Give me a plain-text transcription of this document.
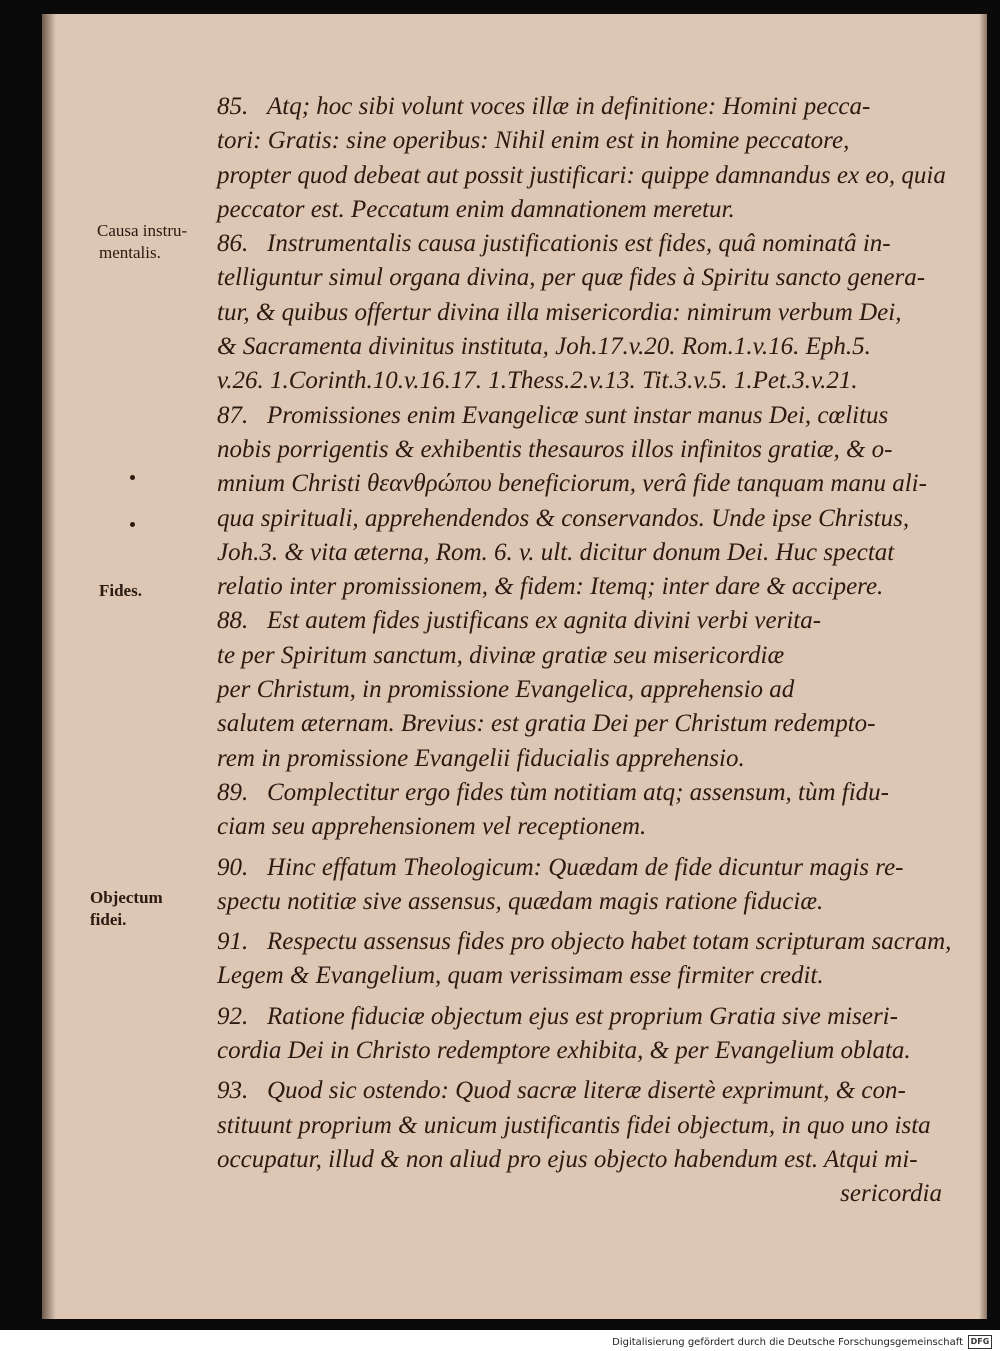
Causa instru-
mentalis.
Fides.
Objectum
fidei.
85. Atq; hoc sibi volunt voces illæ in definitione: Homini pecca-
tori: Gratis: sine operibus: Nihil enim est in homine peccatore,
propter quod debeat aut possit justificari: quippe damnandus ex eo, quia
peccator est. Peccatum enim damnationem meretur.
86. Instrumentalis causa justificationis est fides, quâ nominatâ in-
telliguntur simul organa divina, per quæ fides à Spiritu sancto genera-
tur, & quibus offertur divina illa misericordia: nimirum verbum Dei,
& Sacramenta divinitus instituta, Joh.17.v.20. Rom.1.v.16. Eph.5.
v.26. 1.Corinth.10.v.16.17. 1.Thess.2.v.13. Tit.3.v.5. 1.Pet.3.v.21.
87. Promissiones enim Evangelicæ sunt instar manus Dei, cœlitus
nobis porrigentis & exhibentis thesauros illos infinitos gratiæ, & o-
mnium Christi θεανθρώπου beneficiorum, verâ fide tanquam manu ali-
qua spirituali, apprehendendos & conservandos. Unde ipse Christus,
Joh.3. & vita æterna, Rom. 6. v. ult. dicitur donum Dei. Huc spectat
relatio inter promissionem, & fidem: Itemq; inter dare & accipere.
88. Est autem fides justificans ex agnita divini verbi verita-
te per Spiritum sanctum, divinæ gratiæ seu misericordiæ
per Christum, in promissione Evangelica, apprehensio ad
salutem æternam. Brevius: est gratia Dei per Christum redempto-
rem in promissione Evangelii fiducialis apprehensio.
89. Complectitur ergo fides tùm notitiam atq; assensum, tùm fidu-
ciam seu apprehensionem vel receptionem.
90. Hinc effatum Theologicum: Quædam de fide dicuntur magis re-
spectu notitiæ sive assensus, quædam magis ratione fiduciæ.
91. Respectu assensus fides pro objecto habet totam scripturam sacram,
Legem & Evangelium, quam verissimam esse firmiter credit.
92. Ratione fiduciæ objectum ejus est proprium Gratia sive miseri-
cordia Dei in Christo redemptore exhibita, & per Evangelium oblata.
93. Quod sic ostendo: Quod sacræ literæ disertè exprimunt, & con-
stituunt proprium & unicum justificantis fidei objectum, in quo uno ista
occupatur, illud & non aliud pro ejus objecto habendum est. Atqui mi-
sericordia
Digitalisierung gefördert durch die Deutsche Forschungsgemeinschaft DFG
